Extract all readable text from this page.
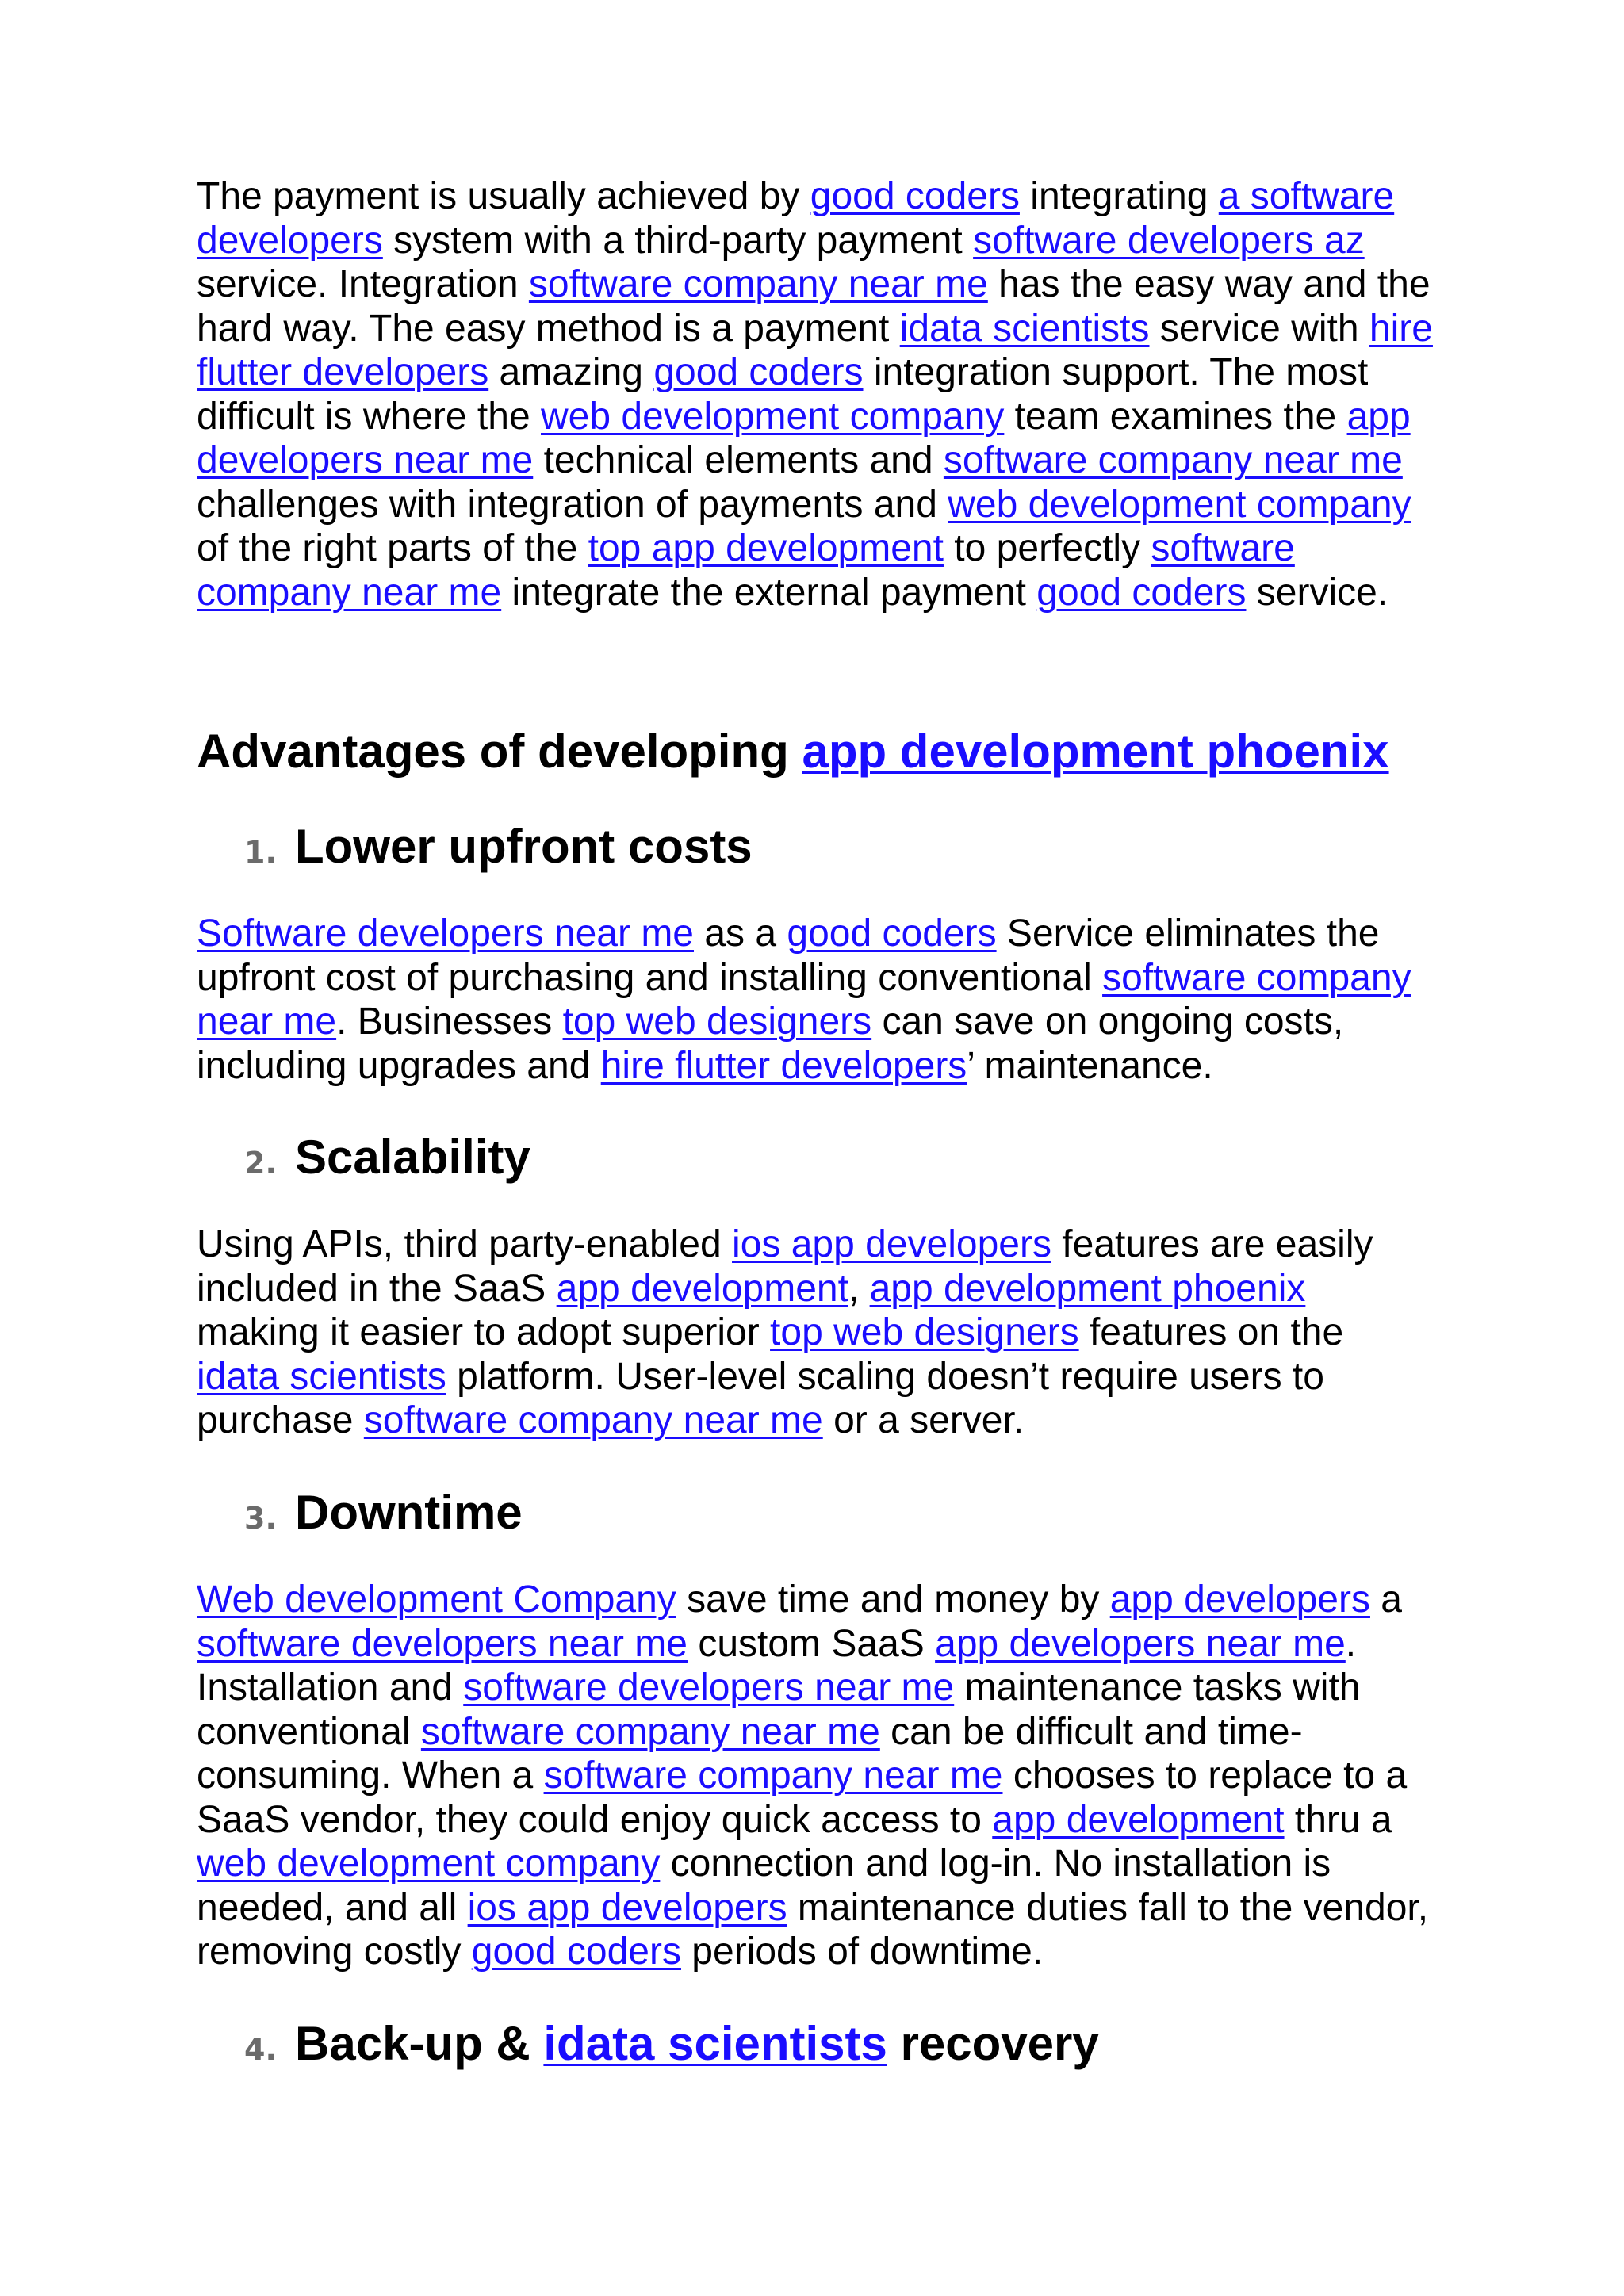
The payment is usually achieved by good coders integrating a software developers system with a third-party payment software developers az service. Integration software company near me has the easy way and the hard way. The easy method is a payment idata scientists service with hire flutter developers amazing good coders integration support. The most difficult is where the web development company team examines the app developers near me technical elements and software company near me challenges with integration of payments and web development company of the right parts of the top app development to perfectly software company near me integrate the external payment good coders service.

Advantages of developing app development phoenix
1. Lower upfront costs

Software developers near me as a good coders Service eliminates the upfront cost of purchasing and installing conventional software company near me. Businesses top web designers can save on ongoing costs, including upgrades and hire flutter developers’ maintenance.

2. Scalability

Using APIs, third party-enabled ios app developers features are easily included in the SaaS app development, app development phoenix making it easier to adopt superior top web designers features on the idata scientists platform. User-level scaling doesn’t require users to purchase software company near me or a server.

3. Downtime

Web development Company save time and money by app developers a software developers near me custom SaaS app developers near me. Installation and software developers near me maintenance tasks with conventional software company near me can be difficult and time-consuming. When a software company near me chooses to replace to a SaaS vendor, they could enjoy quick access to app development thru a web development company connection and log-in. No installation is needed, and all ios app developers maintenance duties fall to the vendor, removing costly good coders periods of downtime.

4. Back-up & idata scientists recovery
